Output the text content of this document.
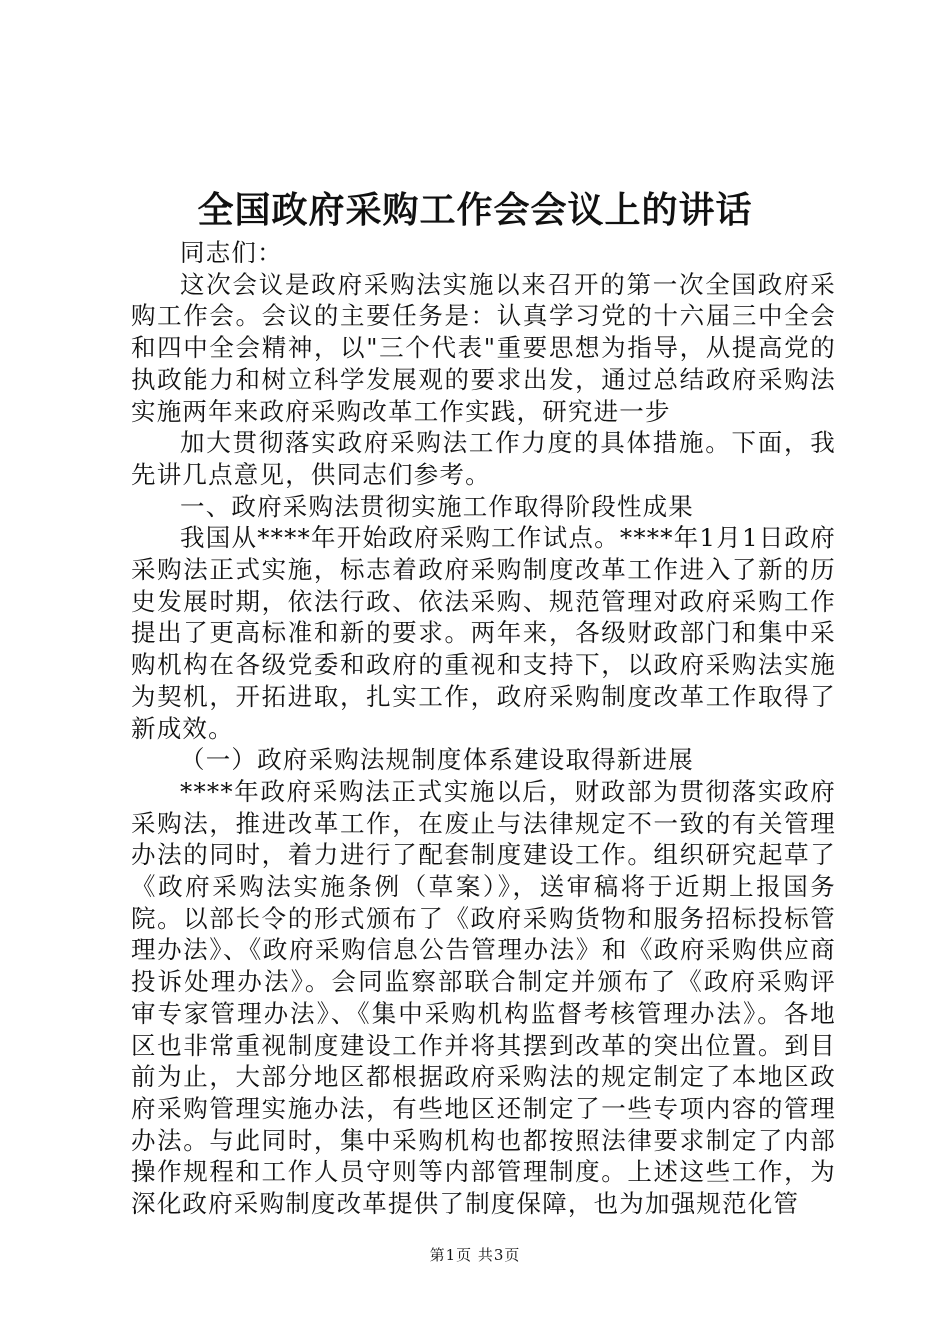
全国政府采购工作会会议上的讲话

同志们：

这次会议是政府采购法实施以来召开的第一次全国政府采购工作会。会议的主要任务是：认真学习党的十六届三中全会和四中全会精神，以"三个代表"重要思想为指导，从提高党的执政能力和树立科学发展观的要求出发，通过总结政府采购法实施两年来政府采购改革工作实践，研究进一步

加大贯彻落实政府采购法工作力度的具体措施。下面，我先讲几点意见，供同志们参考。

一、政府采购法贯彻实施工作取得阶段性成果

我国从****年开始政府采购工作试点。****年1月1日政府采购法正式实施，标志着政府采购制度改革工作进入了新的历史发展时期，依法行政、依法采购、规范管理对政府采购工作提出了更高标准和新的要求。两年来，各级财政部门和集中采购机构在各级党委和政府的重视和支持下，以政府采购法实施为契机，开拓进取，扎实工作，政府采购制度改革工作取得了新成效。

（一）政府采购法规制度体系建设取得新进展

****年政府采购法正式实施以后，财政部为贯彻落实政府采购法，推进改革工作，在废止与法律规定不一致的有关管理办法的同时，着力进行了配套制度建设工作。组织研究起草了《政府采购法实施条例（草案）》，送审稿将于近期上报国务院。以部长令的形式颁布了《政府采购货物和服务招标投标管理办法》、《政府采购信息公告管理办法》和《政府采购供应商投诉处理办法》。会同监察部联合制定并颁布了《政府采购评审专家管理办法》、《集中采购机构监督考核管理办法》。各地区也非常重视制度建设工作并将其摆到改革的突出位置。到目前为止，大部分地区都根据政府采购法的规定制定了本地区政府采购管理实施办法，有些地区还制定了一些专项内容的管理办法。与此同时，集中采购机构也都按照法律要求制定了内部操作规程和工作人员守则等内部管理制度。上述这些工作，为深化政府采购制度改革提供了制度保障，也为加强规范化管

第1页 共3页
